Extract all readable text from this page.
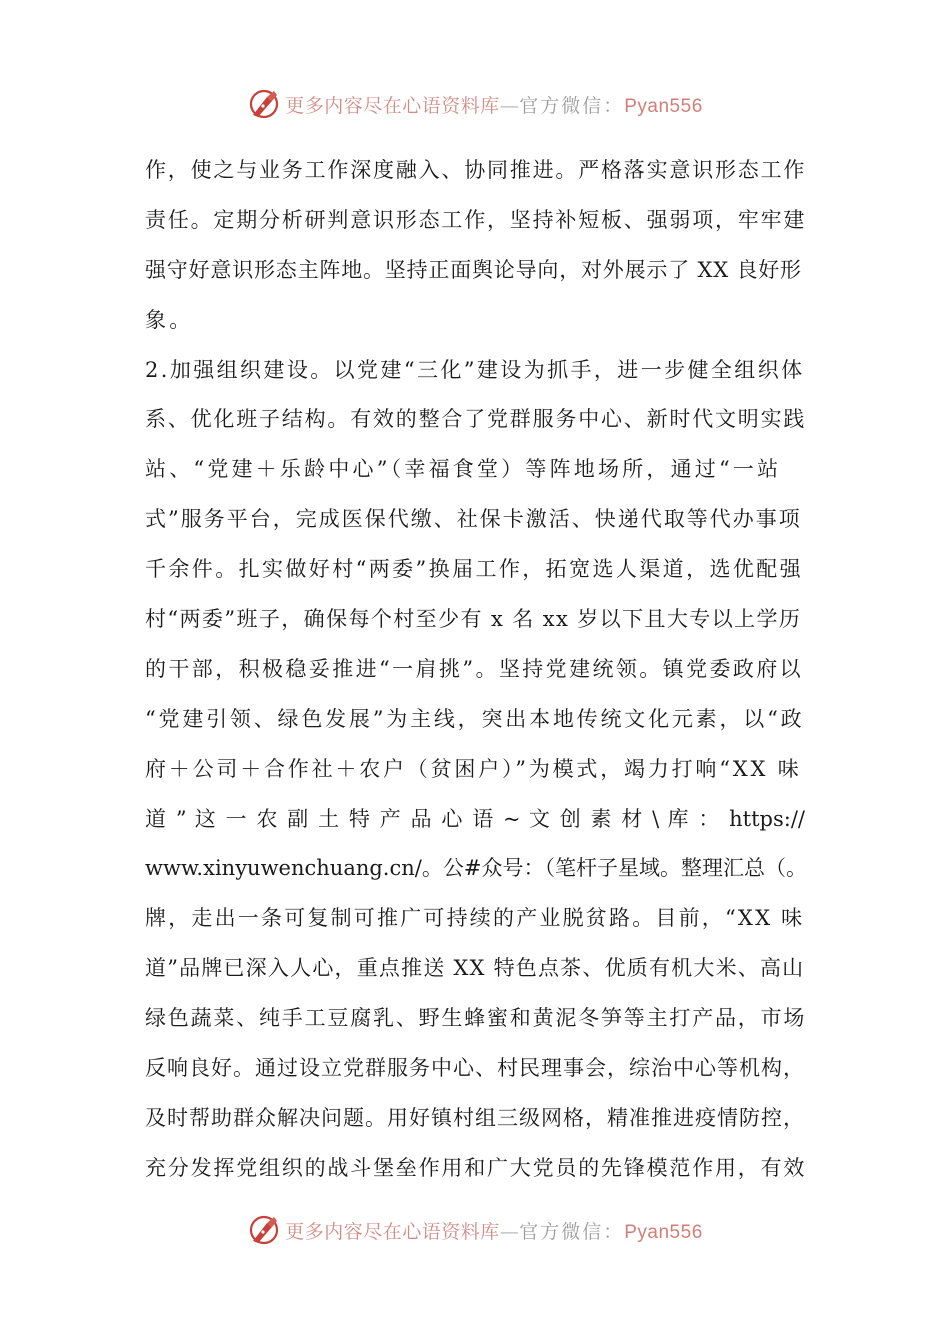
更多内容尽在心语资料库—官方微信：Pyan556
作，使之与业务工作深度融入、协同推进。严格落实意识形态工作
责任。定期分析研判意识形态工作，坚持补短板、强弱项，牢牢建
强守好意识形态主阵地。坚持正面舆论导向，对外展示了 XX 良好形
象。
2.加强组织建设。以党建“三化”建设为抓手，进一步健全组织体
系、优化班子结构。有效的整合了党群服务中心、新时代文明实践
站、“党建＋乐龄中心”（幸福食堂）等阵地场所，通过“一站
式”服务平台，完成医保代缴、社保卡激活、快递代取等代办事项
千余件。扎实做好村“两委”换届工作，拓宽选人渠道，选优配强
村“两委”班子，确保每个村至少有 x 名 xx 岁以下且大专以上学历
的干部，积极稳妥推进“一肩挑”。坚持党建统领。镇党委政府以
“党建引领、绿色发展”为主线，突出本地传统文化元素，以“政
府＋公司＋合作社＋农户（贫困户）”为模式，竭力打响“XX 味
道 ” 这 一 农 副 土 特 产 品 心 语 ~ 文 创 素 材 \ 库 ： https://
www.xinyuwenchuang.cn/。公#众号：（笔杆子星域。整理汇总（。
牌，走出一条可复制可推广可持续的产业脱贫路。目前，“XX 味
道”品牌已深入人心，重点推送 XX 特色点茶、优质有机大米、高山
绿色蔬菜、纯手工豆腐乳、野生蜂蜜和黄泥冬笋等主打产品，市场
反响良好。通过设立党群服务中心、村民理事会，综治中心等机构，
及时帮助群众解决问题。用好镇村组三级网格，精准推进疫情防控，
充分发挥党组织的战斗堡垒作用和广大党员的先锋模范作用，有效
更多内容尽在心语资料库—官方微信：Pyan556
